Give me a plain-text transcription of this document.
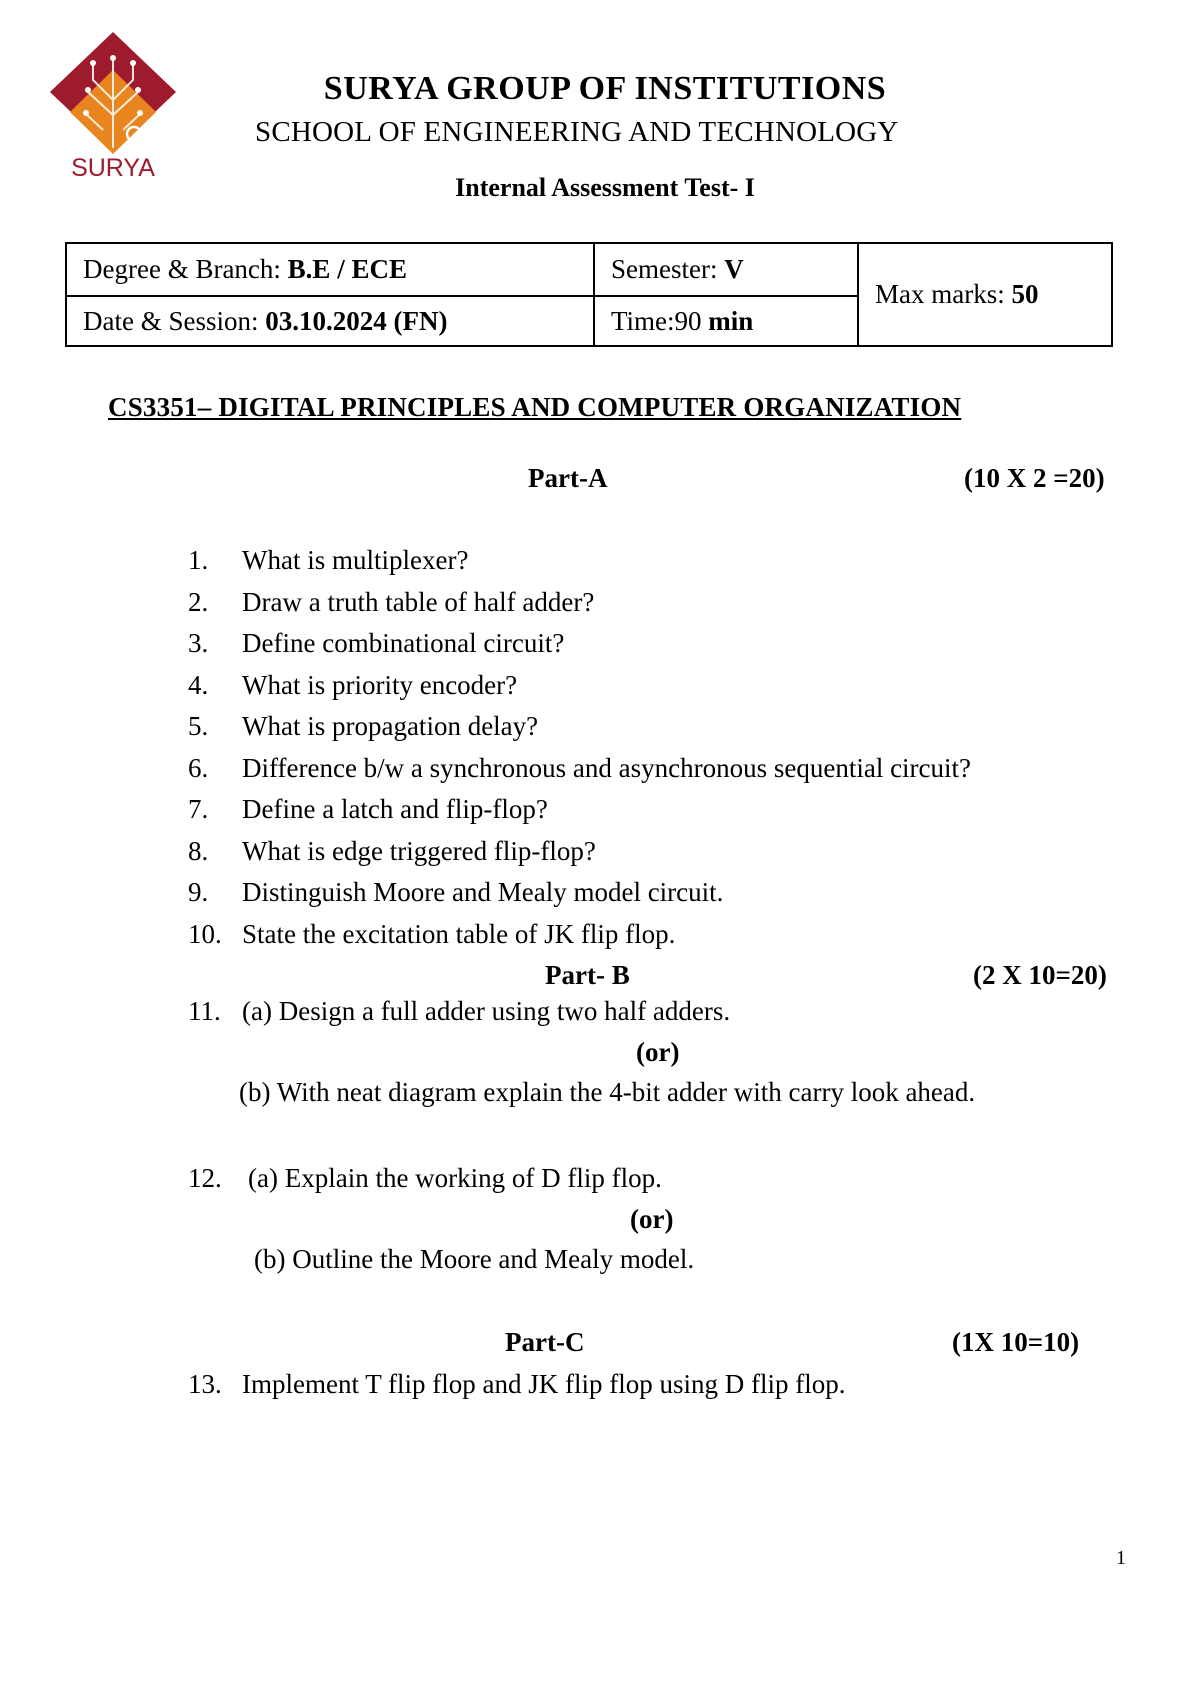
SURYA
SURYA GROUP OF INSTITUTIONS
SCHOOL OF ENGINEERING AND TECHNOLOGY
Internal Assessment Test- I
Degree & Branch: B.E / ECE	Semester: V	Max marks: 50
Date & Session: 03.10.2024 (FN)	Time:90 min	
CS3351– DIGITAL PRINCIPLES AND COMPUTER ORGANIZATION
Part-A	(10 X 2 =20)
1.	What is multiplexer?
2.	Draw a truth table of half adder?
3.	Define combinational circuit?
4.	What is priority encoder?
5.	What is propagation delay?
6.	Difference b/w a synchronous and asynchronous sequential circuit?
7.	Define a latch and flip-flop?
8.	What is edge triggered flip-flop?
9.	Distinguish Moore and Mealy model circuit.
10. State the excitation table of JK flip flop.
Part- B	(2 X 10=20)
11. (a) Design a full adder using two half adders.
(or)
(b) With neat diagram explain the 4-bit adder with carry look ahead.
12. (a) Explain the working of D flip flop.
(or)
(b) Outline the Moore and Mealy model.
Part-C	(1X 10=10)
13. Implement T flip flop and JK flip flop using D flip flop.
1
